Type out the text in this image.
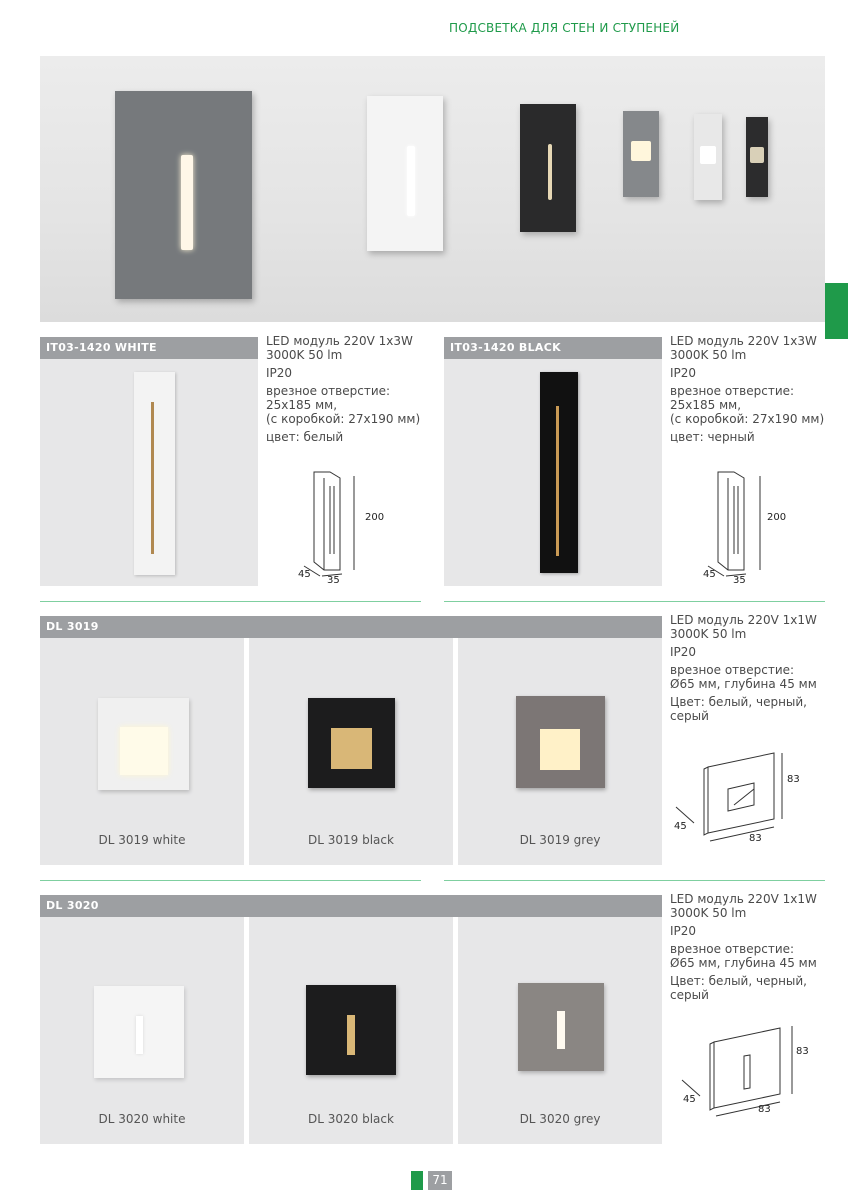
ПОДСВЕТКА ДЛЯ СТЕН И СТУПЕНЕЙ
IT03-1420 WHITE	LED модуль 220V 1x3W
3000K 50 lm
IP20
врезное отверстие:
25x185 мм,
(с коробкой: 27x190 мм)
цвет: белый
200
45
35
IT03-1420 BLACK	LED модуль 220V 1x3W
3000K 50 lm
IP20
врезное отверстие:
25x185 мм,
(с коробкой: 27x190 мм)
цвет: черный
200
45
35
DL 3019
DL 3019 white	DL 3019 black	DL 3019 grey
LED модуль 220V 1x1W
3000K 50 lm
IP20
врезное отверстие:
Ø65 мм, глубина 45 мм
Цвет: белый, черный,
серый
83
83
45
DL 3020
DL 3020 white	DL 3020 black	DL 3020 grey
LED модуль 220V 1x1W
3000K 50 lm
IP20
врезное отверстие:
Ø65 мм, глубина 45 мм
Цвет: белый, черный,
серый
83
83
45
71
